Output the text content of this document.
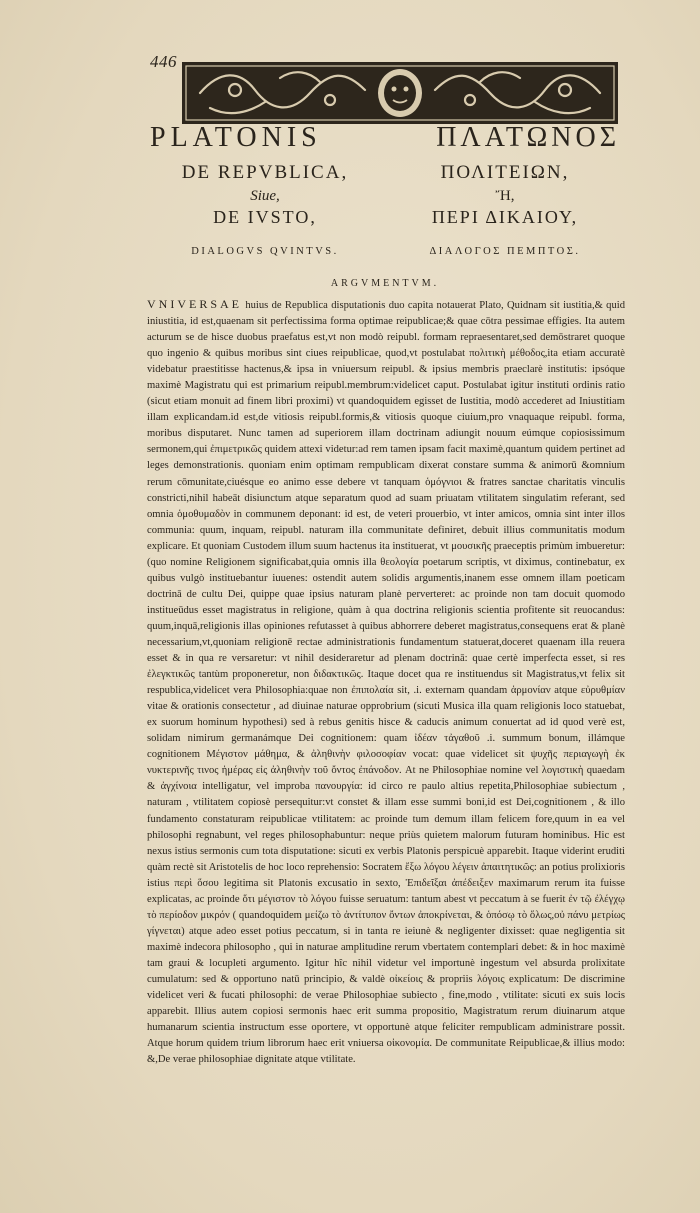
446
PLATONIS	ΠΛΑΤΩΝΟΣ
DE REPVBLICA,	ΠΟΛΙΤΕΙΩΝ,
Siue,	Ἤ,
DE IVSTO,	ΠΕΡΙ ΔΙΚΑΙΟΥ,
DIALOGVS QVINTVS.	ΔΙΑΛΟΓΟΣ ΠΕΜΠΤΟΣ.
ARGVMENTVM.

VNIVERSAE huius de Republica disputationis duo capita notauerat Plato, Quidnam sit iustitia,& quid iniustitia, id est,quaenam sit perfectissima forma optimae reipublicae;& quae cōtra pessimae effigies. Ita autem acturum se de hisce duobus praefatus est,vt non modò reipubl. formam repraesentaret,sed demōstraret quoque quo ingenio & quibus moribus sint ciues reipublicae, quod,vt postulabat πολιτικὴ μέθοδος,ita etiam accuratè videbatur praestitisse hactenus,& ipsa in vniuersum reipubl. & ipsius membris praeclarè institutis: ipsóque maximè Magistratu qui est primarium reipubl.membrum:videlicet caput. Postulabat igitur instituti ordinis ratio (sicut etiam monuit ad finem libri proximi) vt quandoquidem egisset de Iustitia, modò accederet ad Iniustitiam illam explicandam.id est,de vitiosis reipubl.formis,& vitiosis quoque ciuium,pro vnaquaque reipubl. forma, moribus disputaret. Nunc tamen ad superiorem illam doctrinam adiungit nouum eúmque copiosissimum sermonem,qui ἐπιμετρικῶς quidem attexi videtur:ad rem tamen ipsam facit maximè,quantum quidem pertinet ad leges demonstrationis. quoniam enim optimam rempublicam dixerat constare summa & animorū &omnium rerum cōmunitate,ciuésque eo animo esse debere vt tanquam ὁμόγνιοι & fratres sanctae charitatis vinculis constricti,nihil habeāt disiunctum atque separatum quod ad suam priuatam vtilitatem singulatim referant, sed omnia ὁμοθυμαδὸν in communem deponant: id est, de veteri prouerbio, vt inter amicos, omnia sint inter illos communia: quum, inquam, reipubl. naturam illa communitate definiret, debuit illius communitatis modum explicare. Et quoniam Custodem illum suum hactenus ita instituerat, vt μουσικῆς praeceptis primùm imbueretur:(quo nomine Religionem significabat,quia omnis illa θεολογία poetarum scriptis, vt diximus, continebatur, ex quibus vulgò instituebantur iuuenes: ostendit autem solidis argumentis,inanem esse omnem illam poeticam doctrinā de cultu Dei, quippe quae ipsius naturam planè perverteret: ac proinde non tam docuit quomodo institueūdus esset magistratus in religione, quàm à qua doctrina religionis scientia profitente sit reuocandus: quum,inquā,religionis illas opiniones refutasset à quibus abhorrere deberet magistratus,consequens erat & planè necessarium,vt,quoniam religionē rectae administrationis fundamentum statuerat,doceret quaenam illa reuera esset & in qua re versaretur: vt nihil desideraretur ad plenam doctrinā: quae certè imperfecta esset, si res ἐλεγκτικῶς tantùm proponeretur, non διδακτικῶς. Itaque docet qua re instituendus sit Magistratus,vt felix sit respublica,videlicet vera Philosophia:quae non ἐπιπολαία sit, .i. externam quandam ἁρμονίαν atque εὐρυθμίαν vitae & orationis consectetur , ad diuinae naturae opprobrium (sicuti Musica illa quam religionis loco statuebat, ex suorum hominum hypothesi) sed à rebus genitis hisce & caducis animum conuertat ad id quod verè est, solidam nimirum germanámque Dei cognitionem: quam ἰδέαν τἀγαθοῦ .i. summum bonum, illámque cognitionem Μέγιστον μάθημα, & ἀληθινὴν φιλοσοφίαν vocat: quae videlicet sit ψυχῆς περιαγωγὴ ἐκ νυκτερινῆς τινος ἡμέρας εἰς ἀληθινὴν τοῦ ὄντος ἐπάνοδον. At ne Philosophiae nomine vel λογιστικὴ quaedam & ἀγχίνοια intelligatur, vel improba πανουργία: id circo re paulo altius repetita,Philosophiae subiectum , naturam , vtilitatem copiosè persequitur:vt constet & illam esse summi boni,id est Dei,cognitionem , & illo fundamento constaturam reipublicae vtilitatem: ac proinde tum demum illam felicem fore,quum in ea vel philosophi regnabunt, vel reges philosophabuntur: neque priùs quietem malorum futuram hominibus. Hic est nexus istius sermonis cum tota disputatione: sicuti ex verbis Platonis perspicuè apparebit. Itaque viderint eruditi quàm rectè sit Aristotelis de hoc loco reprehensio: Socratem ἔξω λόγου λέγειν ἀπαιτητικῶς: an potius prolixioris istius περὶ ὅσου legitima sit Platonis excusatio in sexto, Ἐπιδεῖξαι ἀπέδειξεν maximarum rerum ita fuisse explicatas, ac proinde ὅτι μέγιστον τὸ λόγου fuisse seruatum: tantum abest vt peccatum à se fuerit ἐν τῷ ἐλέγχῳ τὸ περίοδον μικρόν ( quandoquidem μείζω τὸ ἀντίτυπον ὄντων ἀποκρίνεται, & ὁπόσῳ τὸ ὅλως,οὐ πάνυ μετρίως γίγνεται) atque adeo esset potius peccatum, si in tanta re ieiunè & negligenter dixisset: quae negligentia sit maximè indecora philosopho , qui in naturae amplitudine rerum vbertatem contemplari debet: & in hoc maximè tam graui & locupleti argumento. Igitur hîc nihil videtur vel importunè ingestum vel absurda prolixitate cumulatum: sed & opportuno natū principio, & valdè οἰκείοις & propriis λόγοις explicatum: De discrimine videlicet veri & fucati philosophi: de verae Philosophiae subiecto , fine,modo , vtilitate: sicuti ex suis locis apparebit. Illius autem copiosi sermonis haec erit summa propositio, Magistratum rerum diuinarum atque humanarum scientia instructum esse oportere, vt opportunè atque feliciter rempublicam administrare possit. Atque horum quidem trium librorum haec erit vniuersa οἰκονομία. De communitate Reipublicae,& illius modo: &,De verae philosophiae dignitate atque vtilitate.
